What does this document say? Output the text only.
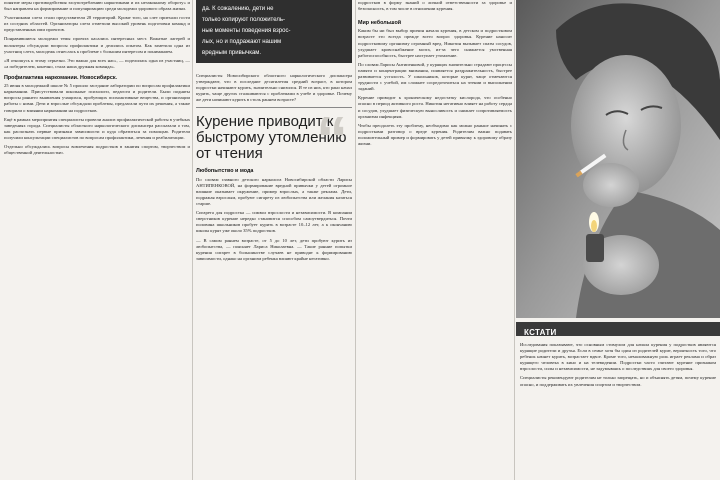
понятие меры противодействия злоупотреблению наркотиками и их незаконному обороту» и был направлен на формирование и популяризацию среди молодежи здорового образа жизни.

Участниками слета стали представители 28 территорий. Кроме того, на слет приехали гости из соседних областей. Организаторы слета отметили высокий уровень подготовки команд и представленных ими проектов.

Понравившиеся молодежи темы проекта касались интересных мест. Вожатые лагерей и волонтеры обсуждали вопросы профилактики и делились опытом. Как заметила одна из участниц слета, молодежь отнеслась к проблеме с большим интересом и пониманием.

«Я отношусь к этому серьезно. Это важно для всех нас», — поделилась одна из участниц, — «а победителем, конечно, стала наша дружная команда».

Профилактика наркомании. Новосибирск.

25 июня в молодежной школе № 5 прошло заседание лаборатории по вопросам профилактики наркомании. Присутствовали школьные психологи, педагоги и родители. Были подняты вопросы раннего выявления учащихся, пробующих психоактивные вещества, и организации работы с ними. Дети и взрослые обсуждали проблемы, предлагали пути их решения, а также говорили о влиянии наркомании на подростков.

Ещё в рамках мероприятия специалисты провели анализ профилактической работы в учебных заведениях города. Специалисты областного наркологического диспансера рассказали о том, как распознать первые признаки зависимости и куда обратиться за помощью. Родители получили консультации специалистов по вопросам профилактики, лечения и реабилитации.

Отдельно обсуждались вопросы вовлечения подростков в занятия спортом, творчеством и общественной деятельностью.

да. К сожалению, дети не

только копируют положитель-

ные моменты поведения взрос-

лых, но и подражают нашим

вредным привычкам.

Специалисты Новосибирского областного наркологического диспансера утверждают, что в последние десятилетия средний возраст, в котором подростки начинают курить, значительно снизился. И те из них, кто рано начал курить, чаще других сталкиваются с проблемами в учебе и здоровье. Почему же дети начинают курить в столь раннем возрасте?

“
Курение приводит к быстрому утомлению от чтения
Любопытство и мода

По словам главного детского нарколога Новосибирской области Ларисы АНТИПЕНКОВОЙ, на формирование вредной привычки у детей огромное влияние оказывает окружение, пример взрослых, а также реклама. Дети, подражая взрослым, пробуют сигарету из любопытства или желания казаться старше.

Сигарета для подростка — символ взрослости и независимости. В компании сверстников курение нередко становится способом самоутвердиться. Почти половина школьников пробует курить в возрасте 10–12 лет, а к окончанию школы курят уже около 35% подростков.

— В самом раннем возрасте, от 5 до 10 лет, дети пробуют курить из любопытства, — поясняет Лариса Николаевна. — Такие ранние попытки курения сигарет в большинстве случаев не приводят к формированию зависимости, однако на организм ребенка влияют крайне негативно.

подростков в форму знаний о личной ответственности за здоровье и безопасность, в том числе в отношении курения.

Мир небольшой

Каким бы ни был выбор причин начала курения, в детском и подростковом возрасте это всегда прежде всего вопрос здоровья. Курение наносит подростковому организму огромный вред. Никотин вызывает спазм сосудов, ухудшает кровоснабжение мозга, из-за чего снижается умственная работоспособность, быстрее наступает утомление.

По словам Ларисы Антипенковой, у курящих значительно страдают процессы памяти и концентрации внимания, появляется раздражительность, быстрее развивается усталость. У школьников, которые курят, чаще отмечаются трудности с учебой, им сложнее сосредоточиться на чтении и выполнении заданий.

Курение приводит к хроническому недостатку кислорода, что особенно опасно в период активного роста. Никотин негативно влияет на работу сердца и сосудов, ухудшает физическую выносливость и снижает сопротивляемость организма инфекциям.

Чтобы преодолеть эту проблему, необходимо как можно раньше начинать с подростками разговор о вреде курения. Родителям важно подавать положительный пример и формировать у детей привычку к здоровому образу жизни.

КСТАТИ

Исследования показывают, что основным стимулом для начала курения у подростков являются курящие родители и друзья. Если в семье хотя бы один из родителей курит, вероятность того, что ребенок начнет курить, возрастает вдвое. Кроме того, немаловажную роль играет реклама и образ курящего человека в кино и на телевидении. Подростки часто считают курение признаком взрослости, силы и независимости, не задумываясь о последствиях для своего здоровья.

Специалисты рекомендуют родителям не только запрещать, но и объяснять детям, почему курение опасно, и поддерживать их увлечения спортом и творчеством.
